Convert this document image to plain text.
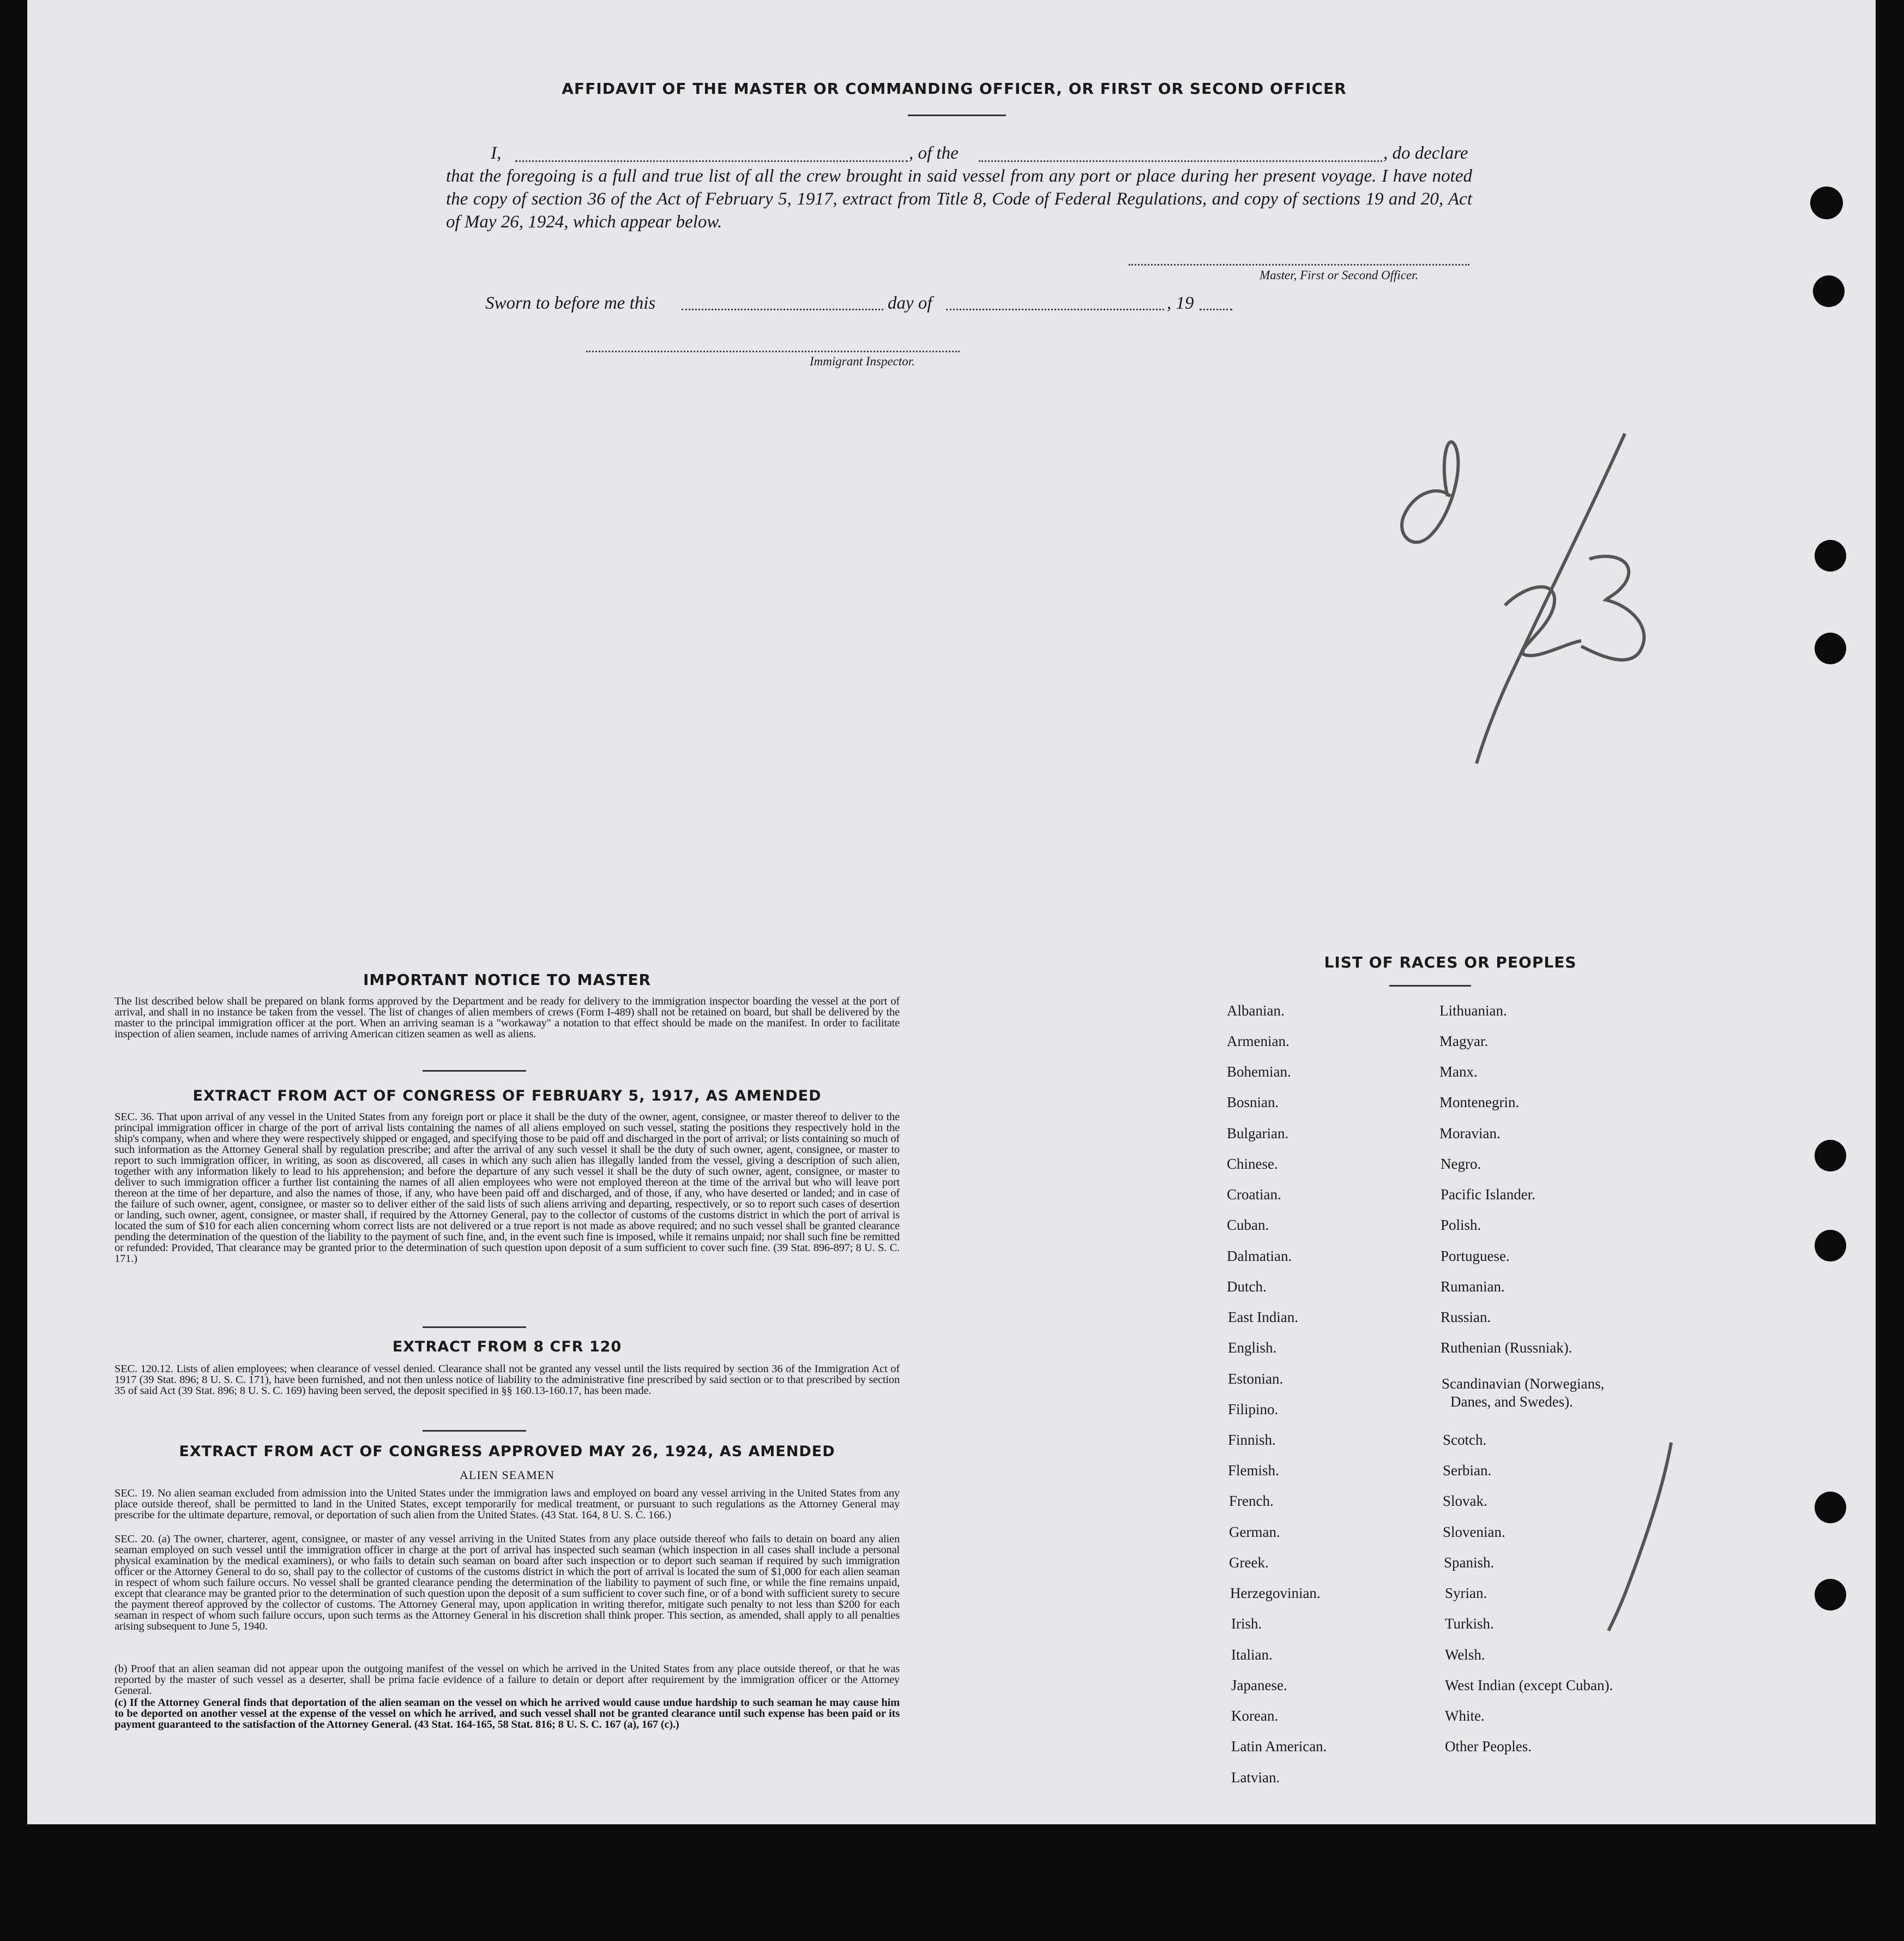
AFFIDAVIT OF THE MASTER OR COMMANDING OFFICER, OR FIRST OR SECOND OFFICER
I,	, of the	, do declare
that the foregoing is a full and true list of all the crew brought in said vessel from any port or place during her present voyage. I have noted the copy of section 36 of the Act of February 5, 1917, extract from Title 8, Code of Federal Regulations, and copy of sections 19 and 20, Act of May 26, 1924, which appear below.
Master, First or Second Officer.
Sworn to before me this	day of	, 19
Immigrant Inspector.
IMPORTANT NOTICE TO MASTER
The list described below shall be prepared on blank forms approved by the Department and be ready for delivery to the immigration inspector boarding the vessel at the port of arrival, and shall in no instance be taken from the vessel. The list of changes of alien members of crews (Form I-489) shall not be retained on board, but shall be delivered by the master to the principal immigration officer at the port. When an arriving seaman is a "workaway" a notation to that effect should be made on the manifest. In order to facilitate inspection of alien seamen, include names of arriving American citizen seamen as well as aliens.
EXTRACT FROM ACT OF CONGRESS OF FEBRUARY 5, 1917, AS AMENDED
SEC. 36. That upon arrival of any vessel in the United States from any foreign port or place it shall be the duty of the owner, agent, consignee, or master thereof to deliver to the principal immigration officer in charge of the port of arrival lists containing the names of all aliens employed on such vessel, stating the positions they respectively hold in the ship's company, when and where they were respectively shipped or engaged, and specifying those to be paid off and discharged in the port of arrival; or lists containing so much of such information as the Attorney General shall by regulation prescribe; and after the arrival of any such vessel it shall be the duty of such owner, agent, consignee, or master to report to such immigration officer, in writing, as soon as discovered, all cases in which any such alien has illegally landed from the vessel, giving a description of such alien, together with any information likely to lead to his apprehension; and before the departure of any such vessel it shall be the duty of such owner, agent, consignee, or master to deliver to such immigration officer a further list containing the names of all alien employees who were not employed thereon at the time of the arrival but who will leave port thereon at the time of her departure, and also the names of those, if any, who have been paid off and discharged, and of those, if any, who have deserted or landed; and in case of the failure of such owner, agent, consignee, or master so to deliver either of the said lists of such aliens arriving and departing, respectively, or so to report such cases of desertion or landing, such owner, agent, consignee, or master shall, if required by the Attorney General, pay to the collector of customs of the customs district in which the port of arrival is located the sum of $10 for each alien concerning whom correct lists are not delivered or a true report is not made as above required; and no such vessel shall be granted clearance pending the determination of the question of the liability to the payment of such fine, and, in the event such fine is imposed, while it remains unpaid; nor shall such fine be remitted or refunded: Provided, That clearance may be granted prior to the determination of such question upon deposit of a sum sufficient to cover such fine. (39 Stat. 896-897; 8 U. S. C. 171.)
EXTRACT FROM 8 CFR 120
SEC. 120.12. Lists of alien employees; when clearance of vessel denied. Clearance shall not be granted any vessel until the lists required by section 36 of the Immigration Act of 1917 (39 Stat. 896; 8 U. S. C. 171), have been furnished, and not then unless notice of liability to the administrative fine prescribed by said section or to that prescribed by section 35 of said Act (39 Stat. 896; 8 U. S. C. 169) having been served, the deposit specified in §§ 160.13-160.17, has been made.
EXTRACT FROM ACT OF CONGRESS APPROVED MAY 26, 1924, AS AMENDED
ALIEN SEAMEN
SEC. 19. No alien seaman excluded from admission into the United States under the immigration laws and employed on board any vessel arriving in the United States from any place outside thereof, shall be permitted to land in the United States, except temporarily for medical treatment, or pursuant to such regulations as the Attorney General may prescribe for the ultimate departure, removal, or deportation of such alien from the United States. (43 Stat. 164, 8 U. S. C. 166.)
SEC. 20. (a) The owner, charterer, agent, consignee, or master of any vessel arriving in the United States from any place outside thereof who fails to detain on board any alien seaman employed on such vessel until the immigration officer in charge at the port of arrival has inspected such seaman (which inspection in all cases shall include a personal physical examination by the medical examiners), or who fails to detain such seaman on board after such inspection or to deport such seaman if required by such immigration officer or the Attorney General to do so, shall pay to the collector of customs of the customs district in which the port of arrival is located the sum of $1,000 for each alien seaman in respect of whom such failure occurs. No vessel shall be granted clearance pending the determination of the liability to payment of such fine, or while the fine remains unpaid, except that clearance may be granted prior to the determination of such question upon the deposit of a sum sufficient to cover such fine, or of a bond with sufficient surety to secure the payment thereof approved by the collector of customs. The Attorney General may, upon application in writing therefor, mitigate such penalty to not less than $200 for each seaman in respect of whom such failure occurs, upon such terms as the Attorney General in his discretion shall think proper. This section, as amended, shall apply to all penalties arising subsequent to June 5, 1940.
(b) Proof that an alien seaman did not appear upon the outgoing manifest of the vessel on which he arrived in the United States from any place outside thereof, or that he was reported by the master of such vessel as a deserter, shall be prima facie evidence of a failure to detain or deport after requirement by the immigration officer or the Attorney General.
(c) If the Attorney General finds that deportation of the alien seaman on the vessel on which he arrived would cause undue hardship to such seaman he may cause him to be deported on another vessel at the expense of the vessel on which he arrived, and such vessel shall not be granted clearance until such expense has been paid or its payment guaranteed to the satisfaction of the Attorney General. (43 Stat. 164-165, 58 Stat. 816; 8 U. S. C. 167 (a), 167 (c).)
LIST OF RACES OR PEOPLES
Albanian.
Armenian.
Bohemian.
Bosnian.
Bulgarian.
Chinese.
Croatian.
Cuban.
Dalmatian.
Dutch.
East Indian.
English.
Estonian.
Filipino.
Finnish.
Flemish.
French.
German.
Greek.
Herzegovinian.
Irish.
Italian.
Japanese.
Korean.
Latin American.
Latvian.
Lithuanian.
Magyar.
Manx.
Montenegrin.
Moravian.
Negro.
Pacific Islander.
Polish.
Portuguese.
Rumanian.
Russian.
Ruthenian (Russniak).
Scandinavian (Norwegians,
Danes, and Swedes).
Scotch.
Serbian.
Slovak.
Slovenian.
Spanish.
Syrian.
Turkish.
Welsh.
West Indian (except Cuban).
White.
Other Peoples.
